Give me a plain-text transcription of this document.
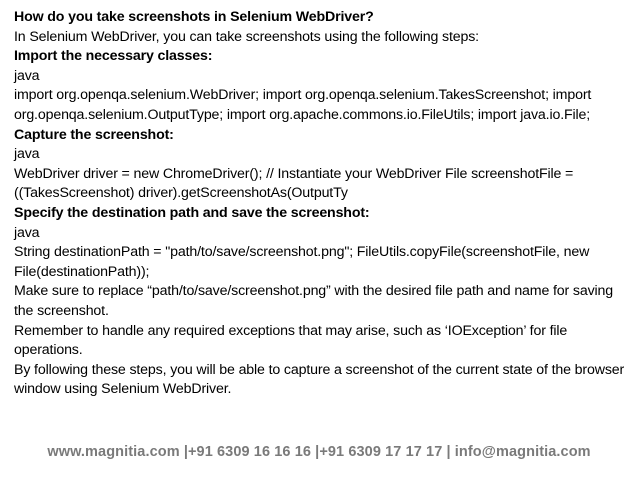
How do you take screenshots in Selenium WebDriver?

In Selenium WebDriver, you can take screenshots using the following steps:

Import the necessary classes:

java

import org.openqa.selenium.WebDriver; import org.openqa.selenium.TakesScreenshot; import org.openqa.selenium.OutputType; import org.apache.commons.io.FileUtils; import java.io.File;

Capture the screenshot:

java

WebDriver driver = new ChromeDriver(); // Instantiate your WebDriver File screenshotFile = ((TakesScreenshot) driver).getScreenshotAs(OutputTy

Specify the destination path and save the screenshot:

java

String destinationPath = "path/to/save/screenshot.png"; FileUtils.copyFile(screenshotFile, new File(destinationPath));

Make sure to replace “path/to/save/screenshot.png” with the desired file path and name for saving the screenshot.

Remember to handle any required exceptions that may arise, such as ‘IOException’ for file operations.

By following these steps, you will be able to capture a screenshot of the current state of the browser window using Selenium WebDriver.

www.magnitia.com |+91 6309 16 16 16 |+91 6309 17 17 17 | info@magnitia.com
